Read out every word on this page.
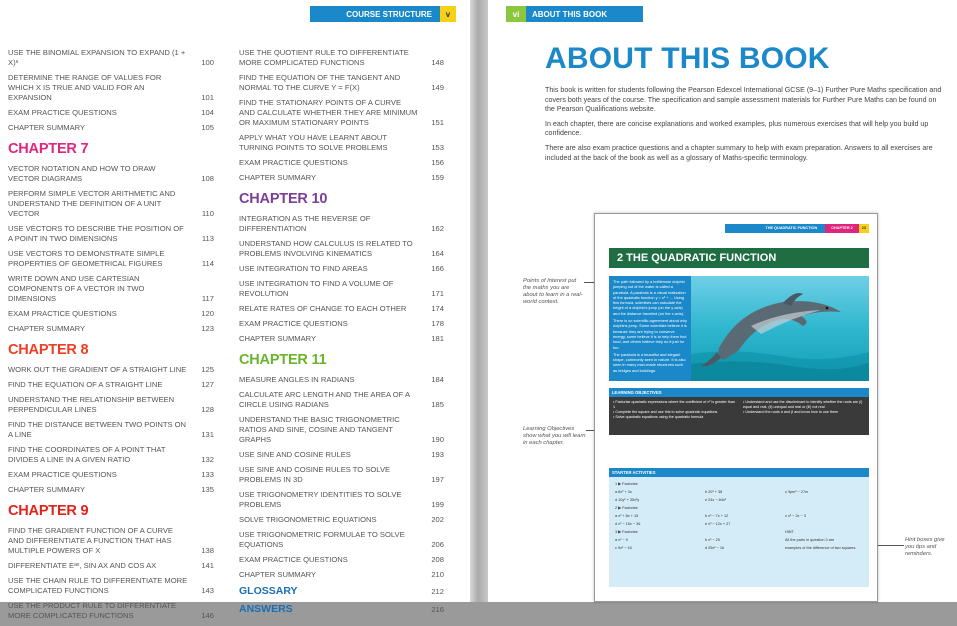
COURSE STRUCTURE	v
USE THE BINOMIAL EXPANSION TO EXPAND (1 + X)ⁿ	100
DETERMINE THE RANGE OF VALUES FOR WHICH X IS TRUE AND VALID FOR AN EXPANSION	101
EXAM PRACTICE QUESTIONS	104
CHAPTER SUMMARY	105
CHAPTER 7
VECTOR NOTATION AND HOW TO DRAW VECTOR DIAGRAMS	108
PERFORM SIMPLE VECTOR ARITHMETIC AND UNDERSTAND THE DEFINITION OF A UNIT VECTOR	110
USE VECTORS TO DESCRIBE THE POSITION OF A POINT IN TWO DIMENSIONS	113
USE VECTORS TO DEMONSTRATE SIMPLE PROPERTIES OF GEOMETRICAL FIGURES	114
WRITE DOWN AND USE CARTESIAN COMPONENTS OF A VECTOR IN TWO DIMENSIONS	117
EXAM PRACTICE QUESTIONS	120
CHAPTER SUMMARY	123
CHAPTER 8
WORK OUT THE GRADIENT OF A STRAIGHT LINE	125
FIND THE EQUATION OF A STRAIGHT LINE	127
UNDERSTAND THE RELATIONSHIP BETWEEN PERPENDICULAR LINES	128
FIND THE DISTANCE BETWEEN TWO POINTS ON A LINE	131
FIND THE COORDINATES OF A POINT THAT DIVIDES A LINE IN A GIVEN RATIO	132
EXAM PRACTICE QUESTIONS	133
CHAPTER SUMMARY	135
CHAPTER 9
FIND THE GRADIENT FUNCTION OF A CURVE AND DIFFERENTIATE A FUNCTION THAT HAS MULTIPLE POWERS OF X	138
DIFFERENTIATE Eᵃˣ, SIN AX AND COS AX	141
USE THE CHAIN RULE TO DIFFERENTIATE MORE COMPLICATED FUNCTIONS	143
USE THE PRODUCT RULE TO DIFFERENTIATE MORE COMPLICATED FUNCTIONS	146
USE THE QUOTIENT RULE TO DIFFERENTIATE MORE COMPLICATED FUNCTIONS	148
FIND THE EQUATION OF THE TANGENT AND NORMAL TO THE CURVE Y = F(X)	149
FIND THE STATIONARY POINTS OF A CURVE AND CALCULATE WHETHER THEY ARE MINIMUM OR MAXIMUM STATIONARY POINTS	151
APPLY WHAT YOU HAVE LEARNT ABOUT TURNING POINTS TO SOLVE PROBLEMS	153
EXAM PRACTICE QUESTIONS	156
CHAPTER SUMMARY	159
CHAPTER 10
INTEGRATION AS THE REVERSE OF DIFFERENTIATION	162
UNDERSTAND HOW CALCULUS IS RELATED TO PROBLEMS INVOLVING KINEMATICS	164
USE INTEGRATION TO FIND AREAS	166
USE INTEGRATION TO FIND A VOLUME OF REVOLUTION	171
RELATE RATES OF CHANGE TO EACH OTHER	174
EXAM PRACTICE QUESTIONS	178
CHAPTER SUMMARY	181
CHAPTER 11
MEASURE ANGLES IN RADIANS	184
CALCULATE ARC LENGTH AND THE AREA OF A CIRCLE USING RADIANS	185
UNDERSTAND THE BASIC TRIGONOMETRIC RATIOS AND SINE, COSINE AND TANGENT GRAPHS	190
USE SINE AND COSINE RULES	193
USE SINE AND COSINE RULES TO SOLVE PROBLEMS IN 3D	197
USE TRIGONOMETRY IDENTITIES TO SOLVE PROBLEMS	199
SOLVE TRIGONOMETRIC EQUATIONS	202
USE TRIGONOMETRIC FORMULAE TO SOLVE EQUATIONS	206
EXAM PRACTICE QUESTIONS	208
CHAPTER SUMMARY	210
GLOSSARY	212
ANSWERS	216
vi	ABOUT THIS BOOK
ABOUT THIS BOOK

This book is written for students following the Pearson Edexcel International GCSE (9–1) Further Pure Maths specification and covers both years of the course. The specification and sample assessment materials for Further Pure Maths can be found on the Pearson Qualifications website.

In each chapter, there are concise explanations and worked examples, plus numerous exercises that will help you build up confidence.

There are also exam practice questions and a chapter summary to help with exam preparation. Answers to all exercises are included at the back of the book as well as a glossary of Maths-specific terminology.

Points of Interest put the maths you are about to learn in a real-world context.
Learning Objectives show what you will learn in each chapter.
Hint boxes give you tips and reminders.
THE QUADRATIC FUNCTION	CHAPTER 2	23
2 THE QUADRATIC FUNCTION

The path followed by a bottlenose dolphin jumping out of the water is called a parabola. A parabola is a visual realisation of the quadratic function y = x² + ... Using this formula, scientists can calculate the height of a dolphin's jump (on the y-axis) and the distance travelled (on the x-axis).

There is no scientific agreement about why dolphins jump. Some scientists believe it is because they are trying to conserve energy, some believe it is to help them find food, and others believe they do it just for fun.

The parabola is a beautiful and elegant shape, commonly seen in nature. It is also seen in many man-made structures such as bridges and buildings.

LEARNING OBJECTIVES
• Factorise quadratic expressions where the coefficient of x² is greater than 1
• Complete the square and use this to solve quadratic equations
• Solve quadratic equations using the quadratic formula
• Understand and use the discriminant to identify whether the roots are (i) equal and real, (ii) unequal and real or (iii) not real
• Understand the roots α and β and know how to use them
STARTER ACTIVITIES
1 ▶ Factorise
a 6x² + 3x	b 20³ + 38	c 9pm² − 27m
d 10y² + 35x²y	e 24x − 84x²
2 ▶ Factorise
a x² + 8x + 15	b x² − 7x + 12	c x² − 2x − 3
d x² − 15x − 36	e x² − 12x + 27
3 ▶ Factorise	HINT
a x² − 9	b x² − 25	All the parts in question 3 are
c 9x² − 16	d 25x² − 16	examples of the difference of two squares.
